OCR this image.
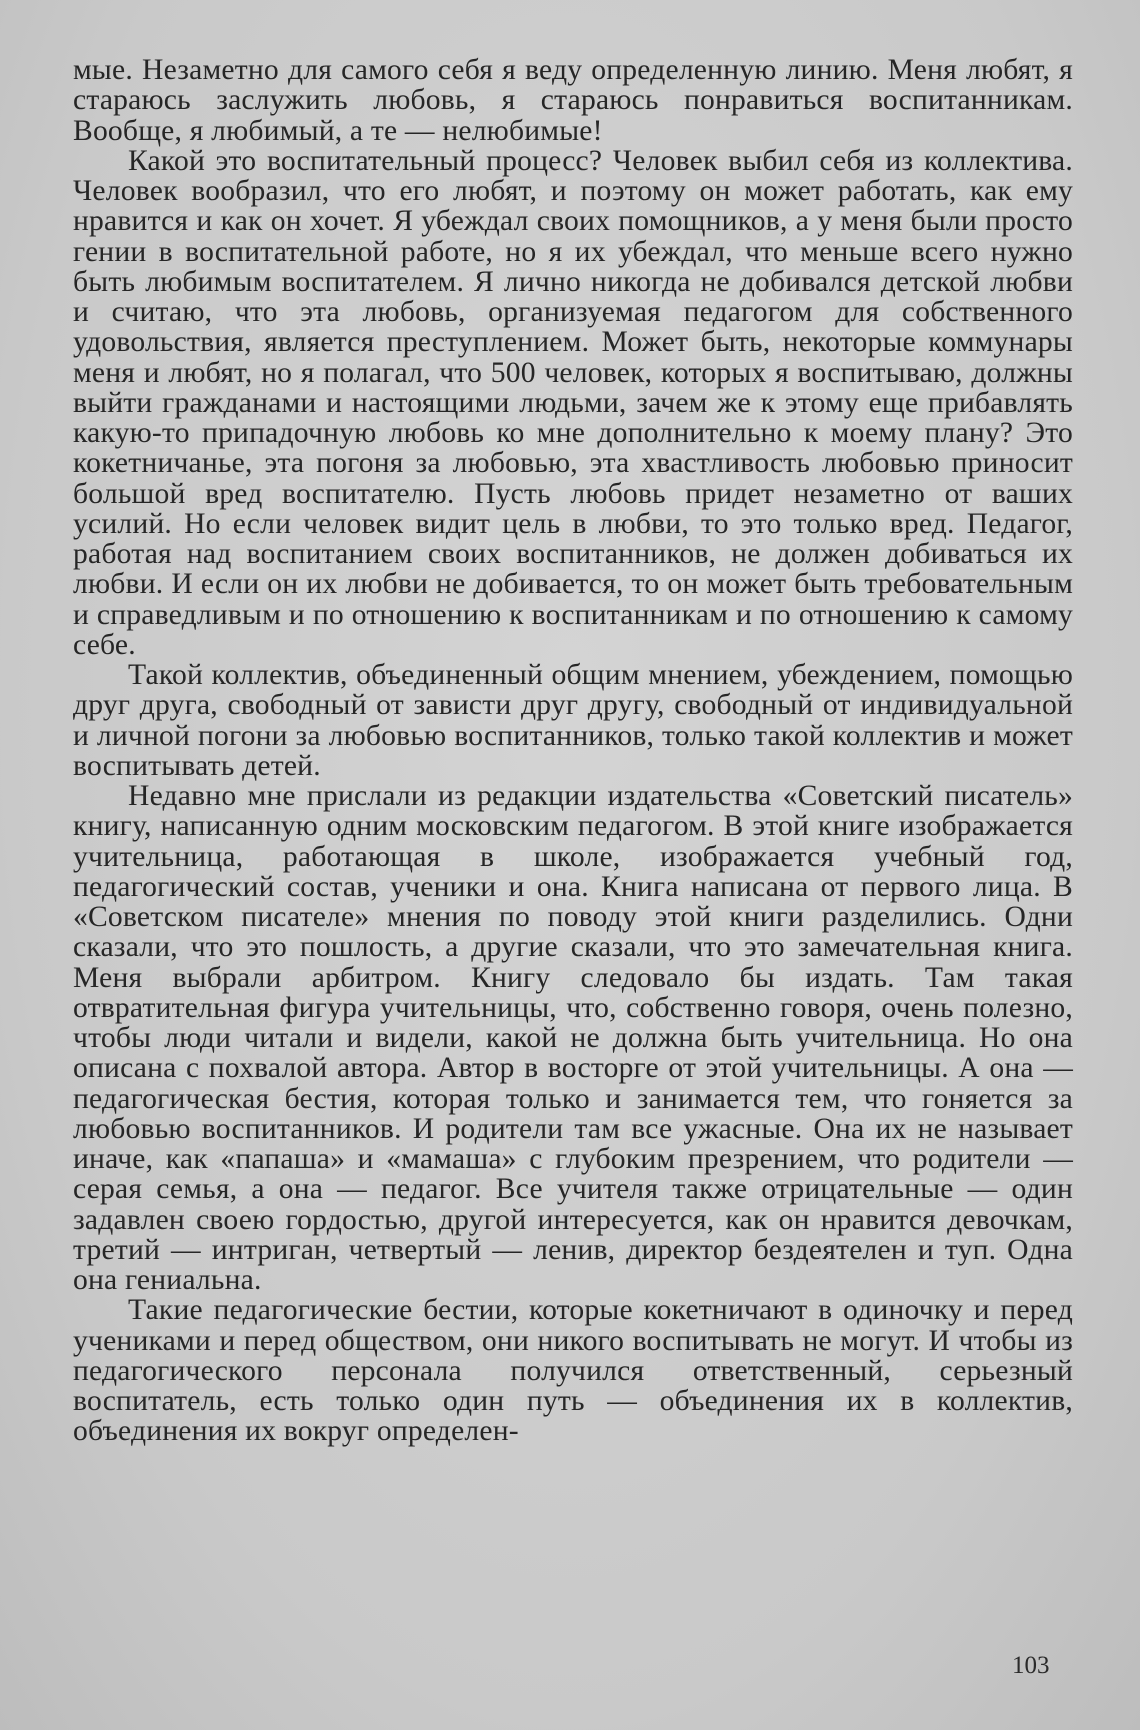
мые. Незаметно для самого себя я веду определенную линию. Меня любят, я стараюсь заслужить любовь, я стараюсь понравиться воспитанникам. Вообще, я любимый, а те — нелюбимые!

Какой это воспитательный процесс? Человек выбил себя из коллектива. Человек вообразил, что его любят, и поэтому он может работать, как ему нравится и как он хочет. Я убеждал своих помощников, а у меня были просто гении в воспитательной работе, но я их убеждал, что меньше всего нужно быть любимым воспитателем. Я лично никогда не добивался детской любви и считаю, что эта любовь, организуемая педагогом для собственного удовольствия, является преступлением. Может быть, некоторые коммунары меня и любят, но я полагал, что 500 человек, которых я воспитываю, должны выйти гражданами и настоящими людьми, зачем же к этому еще прибавлять какую-то припадочную любовь ко мне дополнительно к моему плану? Это кокетничанье, эта погоня за любовью, эта хвастливость любовью приносит большой вред воспитателю. Пусть любовь придет незаметно от ваших усилий. Но если человек видит цель в любви, то это только вред. Педагог, работая над воспитанием своих воспитанников, не должен добиваться их любви. И если он их любви не добивается, то он может быть требовательным и справедливым и по отношению к воспитанникам и по отношению к самому себе.

Такой коллектив, объединенный общим мнением, убеждением, помощью друг друга, свободный от зависти друг другу, свободный от индивидуальной и личной погони за любовью воспитанников, только такой коллектив и может воспитывать детей.

Недавно мне прислали из редакции издательства «Советский писатель» книгу, написанную одним московским педагогом. В этой книге изображается учительница, работающая в школе, изображается учебный год, педагогический состав, ученики и она. Книга написана от первого лица. В «Советском писателе» мнения по поводу этой книги разделились. Одни сказали, что это пошлость, а другие сказали, что это замечательная книга. Меня выбрали арбитром. Книгу следовало бы издать. Там такая отвратительная фигура учительницы, что, собственно говоря, очень полезно, чтобы люди читали и видели, какой не должна быть учительница. Но она описана с похвалой автора. Автор в восторге от этой учительницы. А она — педагогическая бестия, которая только и занимается тем, что гоняется за любовью воспитанников. И родители там все ужасные. Она их не называет иначе, как «папаша» и «мамаша» с глубоким презрением, что родители — серая семья, а она — педагог. Все учителя также отрицательные — один задавлен своею гордостью, другой интересуется, как он нравится девочкам, третий — интриган, четвертый — ленив, директор бездеятелен и туп. Одна она гениальна.

Такие педагогические бестии, которые кокетничают в одиночку и перед учениками и перед обществом, они никого воспитывать не могут. И чтобы из педагогического персонала получился ответственный, серьезный воспитатель, есть только один путь — объединения их в коллектив, объединения их вокруг определен-

103
